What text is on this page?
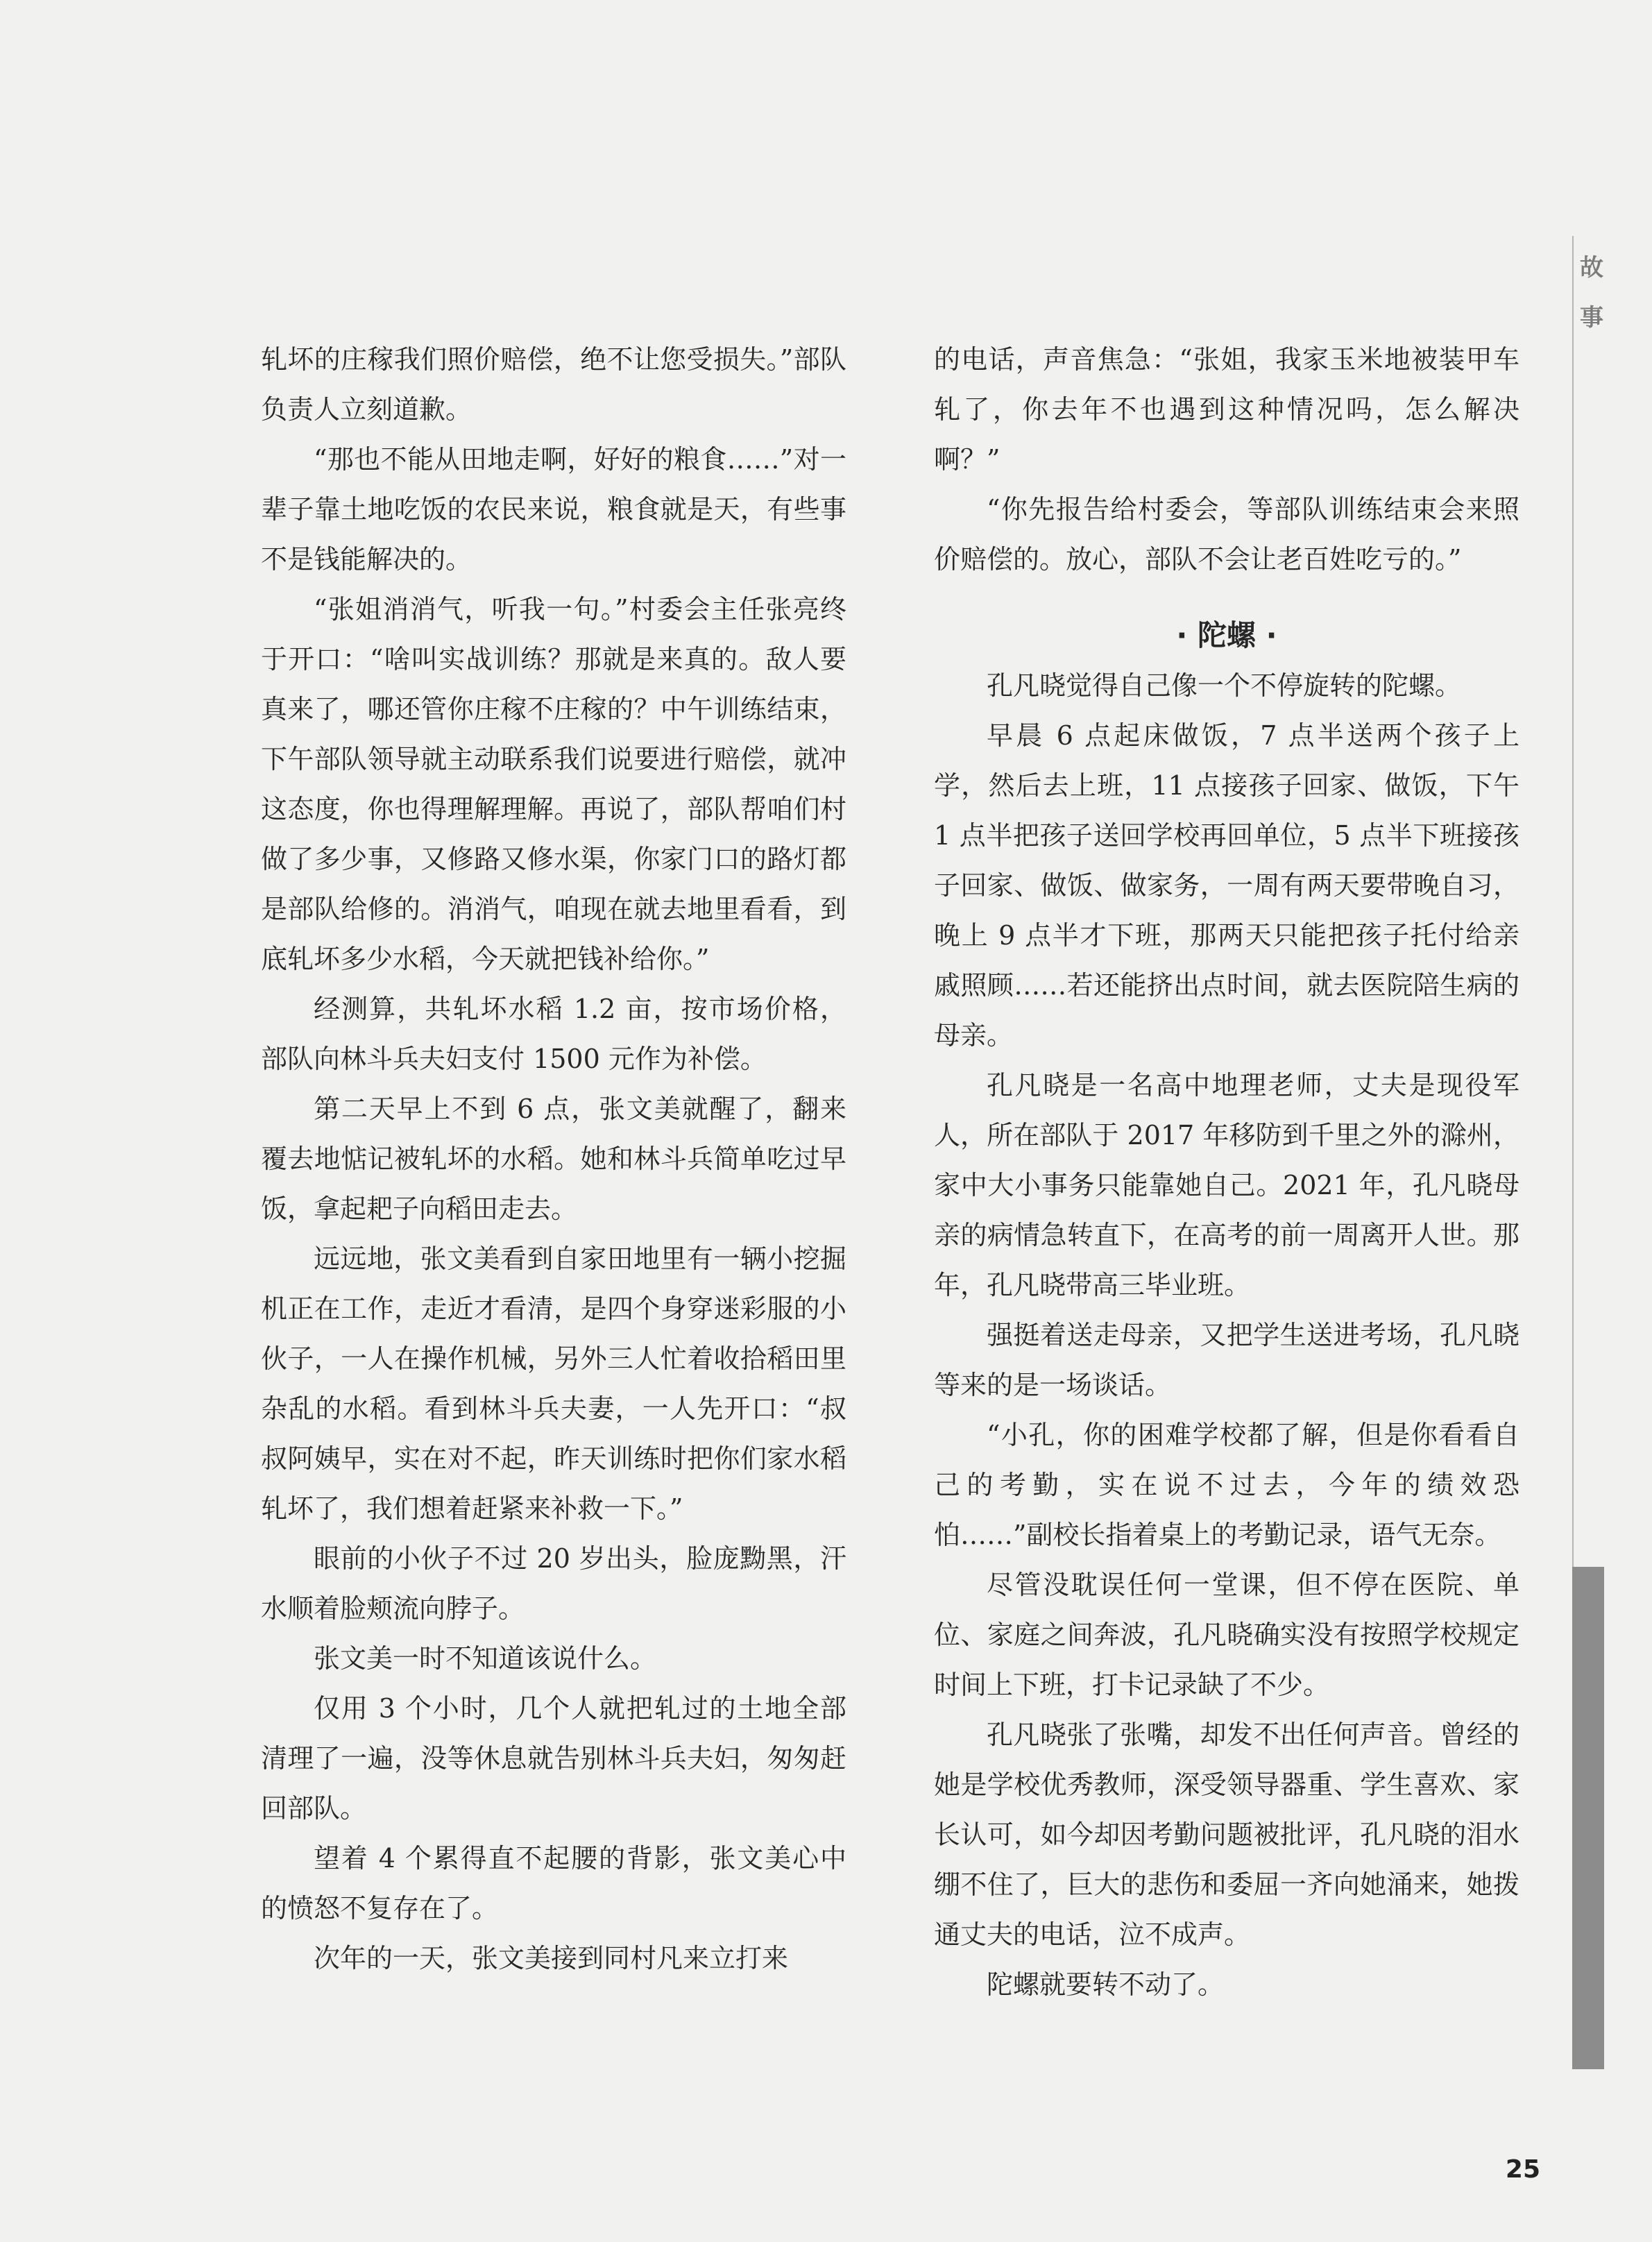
故
事

轧坏的庄稼我们照价赔偿，绝不让您受损失。”部队负责人立刻道歉。

“那也不能从田地走啊，好好的粮食……”对一辈子靠土地吃饭的农民来说，粮食就是天，有些事不是钱能解决的。

“张姐消消气，听我一句。”村委会主任张亮终于开口：“啥叫实战训练？那就是来真的。敌人要真来了，哪还管你庄稼不庄稼的？中午训练结束，下午部队领导就主动联系我们说要进行赔偿，就冲这态度，你也得理解理解。再说了，部队帮咱们村做了多少事，又修路又修水渠，你家门口的路灯都是部队给修的。消消气，咱现在就去地里看看，到底轧坏多少水稻，今天就把钱补给你。”

经测算，共轧坏水稻 1.2 亩，按市场价格，部队向林斗兵夫妇支付 1500 元作为补偿。

第二天早上不到 6 点，张文美就醒了，翻来覆去地惦记被轧坏的水稻。她和林斗兵简单吃过早饭，拿起耙子向稻田走去。

远远地，张文美看到自家田地里有一辆小挖掘机正在工作，走近才看清，是四个身穿迷彩服的小伙子，一人在操作机械，另外三人忙着收拾稻田里杂乱的水稻。看到林斗兵夫妻，一人先开口：“叔叔阿姨早，实在对不起，昨天训练时把你们家水稻轧坏了，我们想着赶紧来补救一下。”

眼前的小伙子不过 20 岁出头，脸庞黝黑，汗水顺着脸颊流向脖子。

张文美一时不知道该说什么。

仅用 3 个小时，几个人就把轧过的土地全部清理了一遍，没等休息就告别林斗兵夫妇，匆匆赶回部队。

望着 4 个累得直不起腰的背影，张文美心中的愤怒不复存在了。

次年的一天，张文美接到同村凡来立打来

的电话，声音焦急：“张姐，我家玉米地被装甲车轧了，你去年不也遇到这种情况吗，怎么解决啊？”

“你先报告给村委会，等部队训练结束会来照价赔偿的。放心，部队不会让老百姓吃亏的。”

· 陀螺 ·

孔凡晓觉得自己像一个不停旋转的陀螺。

早晨 6 点起床做饭，7 点半送两个孩子上学，然后去上班，11 点接孩子回家、做饭，下午 1 点半把孩子送回学校再回单位，5 点半下班接孩子回家、做饭、做家务，一周有两天要带晚自习，晚上 9 点半才下班，那两天只能把孩子托付给亲戚照顾……若还能挤出点时间，就去医院陪生病的母亲。

孔凡晓是一名高中地理老师，丈夫是现役军人，所在部队于 2017 年移防到千里之外的滁州，家中大小事务只能靠她自己。2021 年，孔凡晓母亲的病情急转直下，在高考的前一周离开人世。那年，孔凡晓带高三毕业班。

强挺着送走母亲，又把学生送进考场，孔凡晓等来的是一场谈话。

“小孔，你的困难学校都了解，但是你看看自己的考勤，实在说不过去，今年的绩效恐怕……”副校长指着桌上的考勤记录，语气无奈。

尽管没耽误任何一堂课，但不停在医院、单位、家庭之间奔波，孔凡晓确实没有按照学校规定时间上下班，打卡记录缺了不少。

孔凡晓张了张嘴，却发不出任何声音。曾经的她是学校优秀教师，深受领导器重、学生喜欢、家长认可，如今却因考勤问题被批评，孔凡晓的泪水绷不住了，巨大的悲伤和委屈一齐向她涌来，她拨通丈夫的电话，泣不成声。

陀螺就要转不动了。

25
